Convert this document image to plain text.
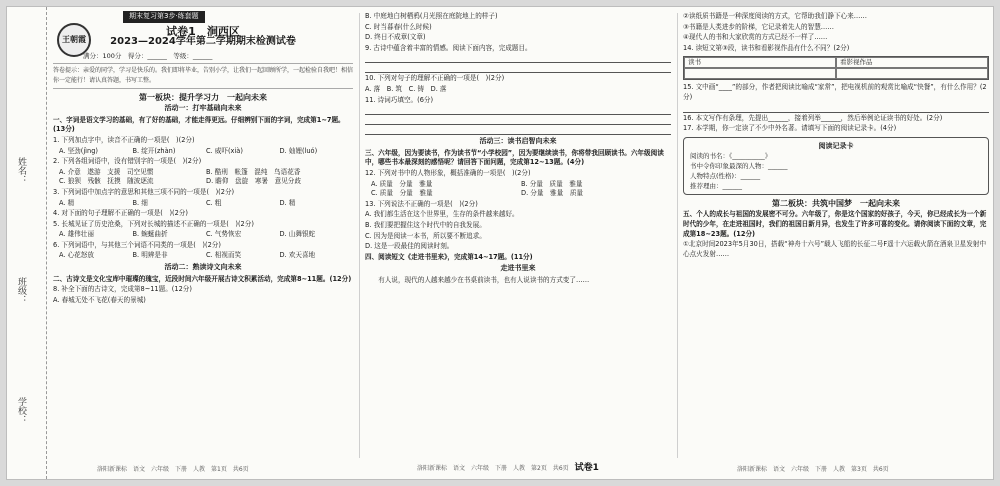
姓名：
班级：
学校：
王朝霞
期末复习第3步·练套题
试卷1　涧西区
2023—2024学年第二学期期末检测试卷
满分：100分　得分：______　等级：______
答卷提示：亲爱的同学，学习是快乐的。我们即将毕业，告别小学，让我们一起回顾所学，一起检验自我吧！相信你一定能行！请认真答题，书写工整。
第一板块：提升学习力　一起向未来
活动一：打牢基础向未来
一、字词是语文学习的基础，有了好的基础，才能走得更远。仔细辨别下面的字词，完成第1~7题。(13分)
1. 下列加点字中，读音不正确的一项是(　)(2分)
A. 坚劲(jìng)	B. 绽开(zhàn)	C. 威吓(xià)	D. 妯娌(luó)
2. 下列各组词语中，没有错别字的一项是(　)(2分)
A. 介意　遨游　支援　司空见惯	B. 酷刑　帐篷　混纯　鸟语花香
C. 狼狈　残骸　抚摸　随波逐流	D. 瞻仰　盘旋　寒暑　意见分歧
3. 下列词语中加点字的意思和其他三项不同的一项是(　)(2分)
A. 精	B. 细	C. 粗	D. 精
4. 对下面的句子理解不正确的一项是(　)(2分)
5. 长城见证了历史沧桑，下列对长城的描述不正确的一项是(　)(2分)
A. 雄伟壮丽	B. 蜿蜒曲折	C. 气势恢宏	D. 山舞银蛇
6. 下列词语中，与其他三个词语不同类的一项是(　)(2分)
A. 心花怒放	B. 明辨是非	C. 相视而笑	D. 欢天喜地
活动二：熟读诗文向未来
二、古诗文是文化宝库中璀璨的瑰宝，近段时间六年级开展古诗文积累活动，完成第8~11题。(12分)
8. 补全下面的古诗文，完成第8~11题。(12分)
A. 春城无处不飞花(春天的景城)
B. 中庭地白树栖鸦(月光照在庭院地上的样子)
C. 时当暮春(什么时候)
D. 终日不成章(文章)
9. 古诗中蕴含着丰富的情感。阅读下面内容，完成题目。
10. 下列对句子的理解不正确的一项是(　)(2分)
A. 落　B. 筑　C. 铸　D. 落
11. 诗词巧填空。(6分)
活动三：读书启智向未来
三、六年级，因为要读书，作为读书节“小学校园”，因为要继续读书，你将带我回顾读书。六年级阅读中，哪些书本最深刻的感悟呢？请回答下面问题，完成第12~13题。(4分)
12. 下列对书中的人物形象，概括准确的一项是(　)(2分)
A. 质量　分量　雅量	B. 分量　质量　雅量
C. 质量　分量　雅量	D. 分量　雅量　质量
13. 下列说法不正确的一项是(　)(2分)
A. 我们都生活在这个世界里，生存的条件越来越好。
B. 我们要把握住这个时代中的自我发展。
C. 因为是阅读一本书，所以要不断追求。
D. 这是一段最佳的阅读时刻。
四、阅读短文《走进书里来》，完成第14~17题。(11分)
走进书里来
　　有人说，现代的人越来越少在书桌前读书，也有人说读书的方式变了……
②读纸质书籍是一种深度阅读的方式，它帮助我们静下心来……
③书籍是人类进步的阶梯，它记录着先人的智慧……
④现代人的书和大家欣赏的方式已经不一样了……
14. 读短文第③段，读书和看影视作品有什么不同？(2分)
读书	看影视作品
15. 文中画“____”的部分，作者把阅读比喻成“家常”，把电视机前的观赏比喻成“快餐”，有什么作用？(2分)
16. 本文写作有条理，先提出______，接着列举______，然后举例论证读书的好处。(2分)
17. 本学期，你一定读了不少中外名著。请填写下面的阅读记录卡。(4分)
阅读记录卡
阅读的书名：《__________》
书中令你印象最深的人物：______
人物特点(性格)：______
推荐理由：______
第二板块：共筑中国梦　一起向未来
五、个人的成长与祖国的发展密不可分。六年级了，你是这个国家的好孩子，今天，你已经成长为一个新时代的少年，在走进祖国时，我们的祖国日新月异，也发生了许多可喜的变化。请你阅读下面的文章，完成第18~23题。(12分)
①北京时间2023年5月30日，搭载“神舟十六号”载人飞船的长征二号F遥十六运载火箭在酒泉卫星发射中心点火发射……
洛阳新课标　语文　六年级　下册　人教　第1页　共6页	洛阳新课标　语文　六年级　下册　人教　第2页　共6页 试卷1	洛阳新课标　语文　六年级　下册　人教　第3页　共6页
